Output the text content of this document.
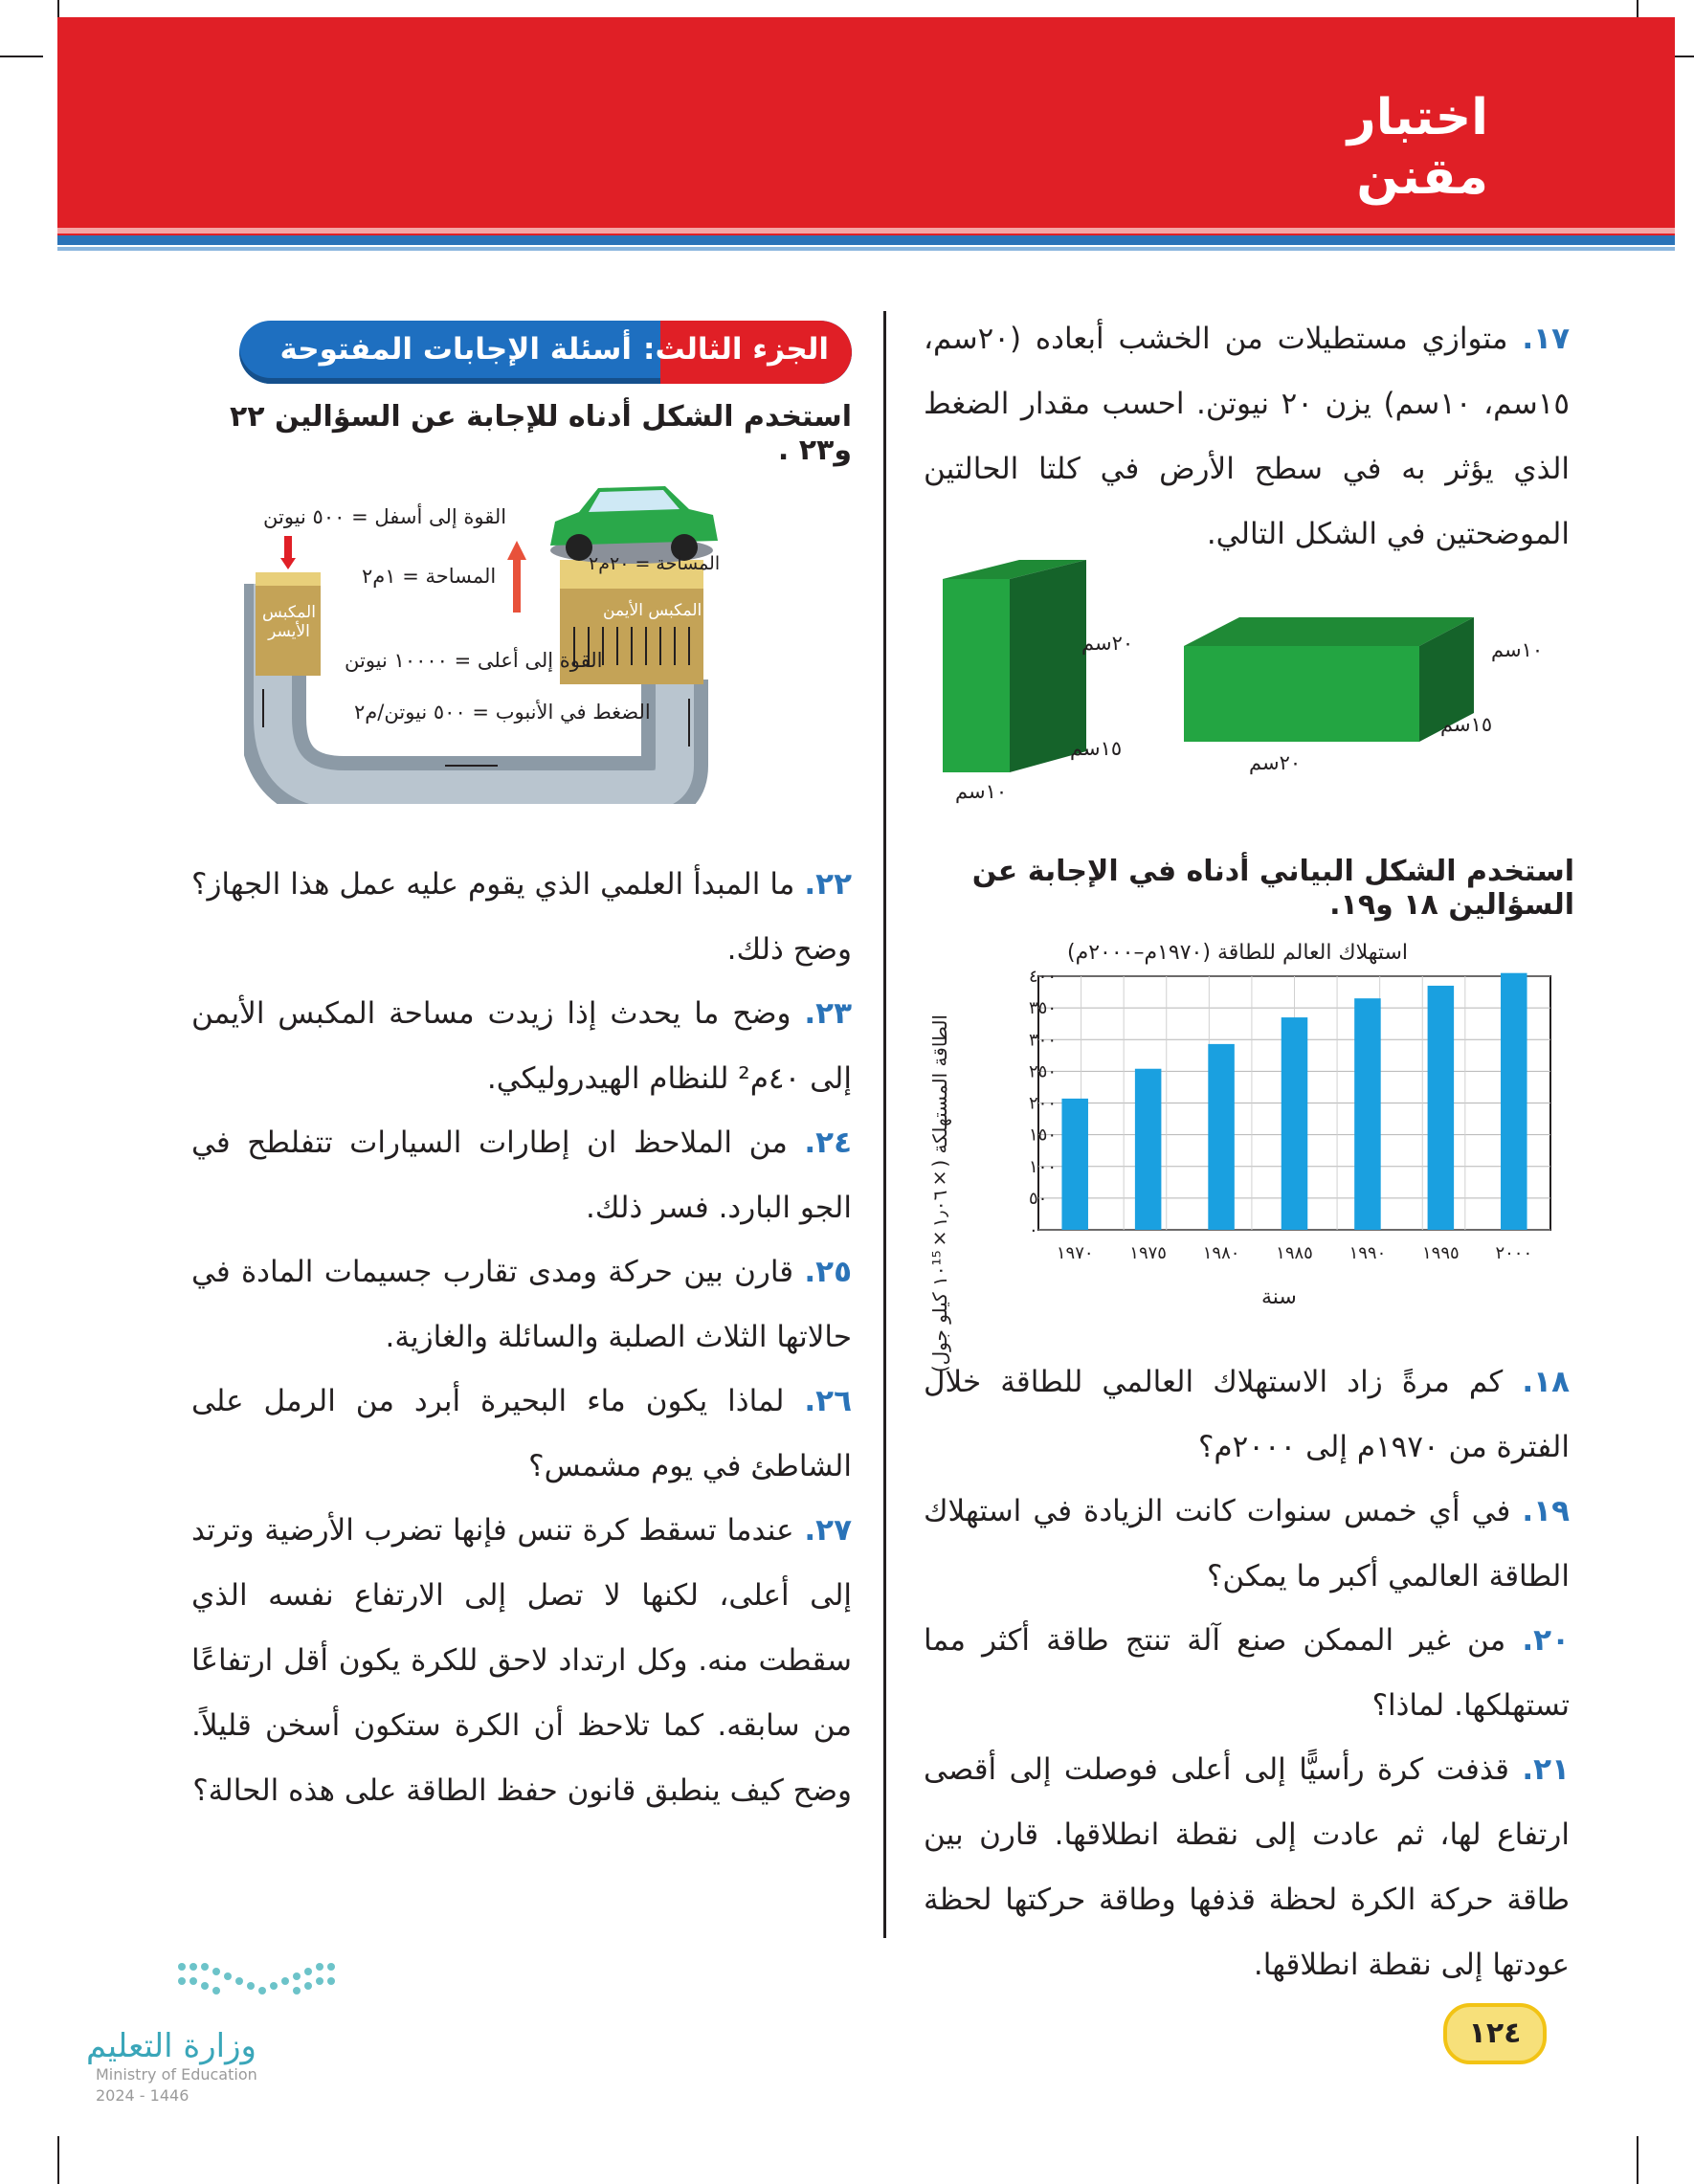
اختبار
مقنن
١٧. متوازي مستطيلات من الخشب أبعاده (٢٠سم، ١٥سم، ١٠سم) يزن ٢٠ نيوتن. احسب مقدار الضغط الذي يؤثر به في سطح الأرض في كلتا الحالتين الموضحتين في الشكل التالي.
٢٠سم
١٥سم
١٠سم
١٠سم
١٥سم
٢٠سم
استخدم الشكل البياني أدناه في الإجابة عن السؤالين ١٨ و١٩.
استهلاك العالم للطاقة (١٩٧٠م–٢٠٠٠م)
الطاقة المستهلكة (×١٫٠٦×١٠¹⁵ كيلو جول)
٠
٥٠
١٠٠
١٥٠
٢٠٠
٢٥٠
٣٠٠
٣٥٠
٤٠٠
١٩٧٠ ١٩٧٥ ١٩٨٠ ١٩٨٥ ١٩٩٠ ١٩٩٥ ٢٠٠٠
سنة
١٨. كم مرةً زاد الاستهلاك العالمي للطاقة خلال الفترة من ١٩٧٠م إلى ٢٠٠٠م؟
١٩. في أي خمس سنوات كانت الزيادة في استهلاك الطاقة العالمي أكبر ما يمكن؟
٢٠. من غير الممكن صنع آلة تنتج طاقة أكثر مما تستهلكها. لماذا؟
٢١. قذفت كرة رأسيًّا إلى أعلى فوصلت إلى أقصى ارتفاع لها، ثم عادت إلى نقطة انطلاقها. قارن بين طاقة حركة الكرة لحظة قذفها وطاقة حركتها لحظة عودتها إلى نقطة انطلاقها.
الجزء الثالث:
أسئلة الإجابات المفتوحة
استخدم الشكل أدناه للإجابة عن السؤالين ٢٢ و٢٣ .
القوة إلى أسفل = ٥٠٠ نيوتن
المساحة = ١م٢
المساحة = ٢٠م٢
المكبس الأيسر
المكبس الأيمن
القوة إلى أعلى = ١٠٠٠٠ نيوتن
الضغط في الأنبوب = ٥٠٠ نيوتن/م٢
٢٢. ما المبدأ العلمي الذي يقوم عليه عمل هذا الجهاز؟ وضح ذلك.
٢٣. وضح ما يحدث إذا زيدت مساحة المكبس الأيمن إلى ٤٠م² للنظام الهيدروليكي.
٢٤. من الملاحظ ان إطارات السيارات تتفلطح في الجو البارد. فسر ذلك.
٢٥. قارن بين حركة ومدى تقارب جسيمات المادة في حالاتها الثلاث الصلبة والسائلة والغازية.
٢٦. لماذا يكون ماء البحيرة أبرد من الرمل على الشاطئ في يوم مشمس؟
٢٧. عندما تسقط كرة تنس فإنها تضرب الأرضية وترتد إلى أعلى، لكنها لا تصل إلى الارتفاع نفسه الذي سقطت منه. وكل ارتداد لاحق للكرة يكون أقل ارتفاعًا من سابقه. كما تلاحظ أن الكرة ستكون أسخن قليلاً. وضح كيف ينطبق قانون حفظ الطاقة على هذه الحالة؟
١٢٤
وزارة التعليم
Ministry of Education
2024 - 1446
